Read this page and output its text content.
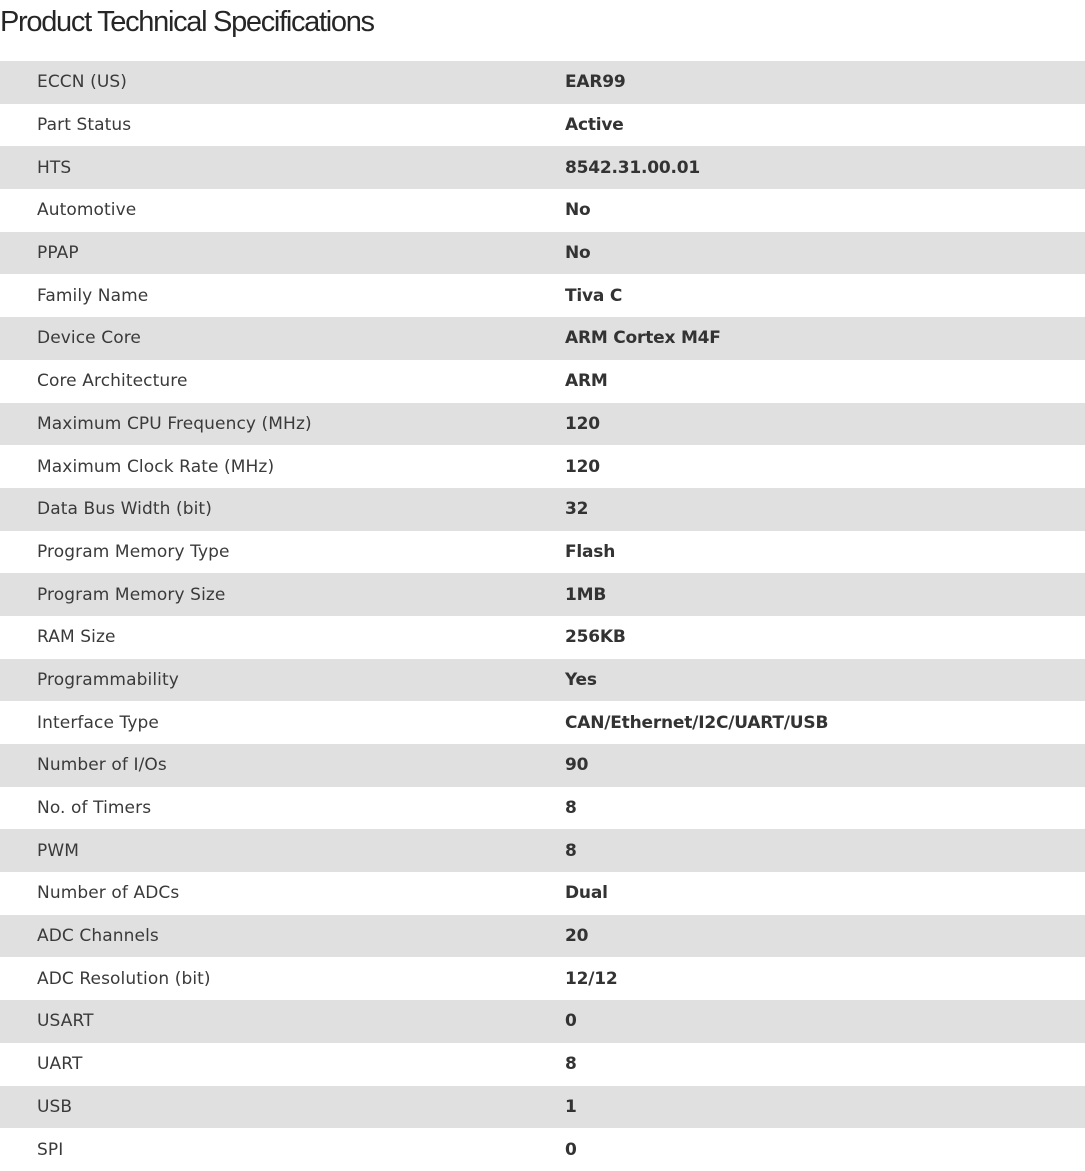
Product Technical Specifications
ECCN (US)	EAR99
Part Status	Active
HTS	8542.31.00.01
Automotive	No
PPAP	No
Family Name	Tiva C
Device Core	ARM Cortex M4F
Core Architecture	ARM
Maximum CPU Frequency (MHz)	120
Maximum Clock Rate (MHz)	120
Data Bus Width (bit)	32
Program Memory Type	Flash
Program Memory Size	1MB
RAM Size	256KB
Programmability	Yes
Interface Type	CAN/Ethernet/I2C/UART/USB
Number of I/Os	90
No. of Timers	8
PWM	8
Number of ADCs	Dual
ADC Channels	20
ADC Resolution (bit)	12/12
USART	0
UART	8
USB	1
SPI	0
